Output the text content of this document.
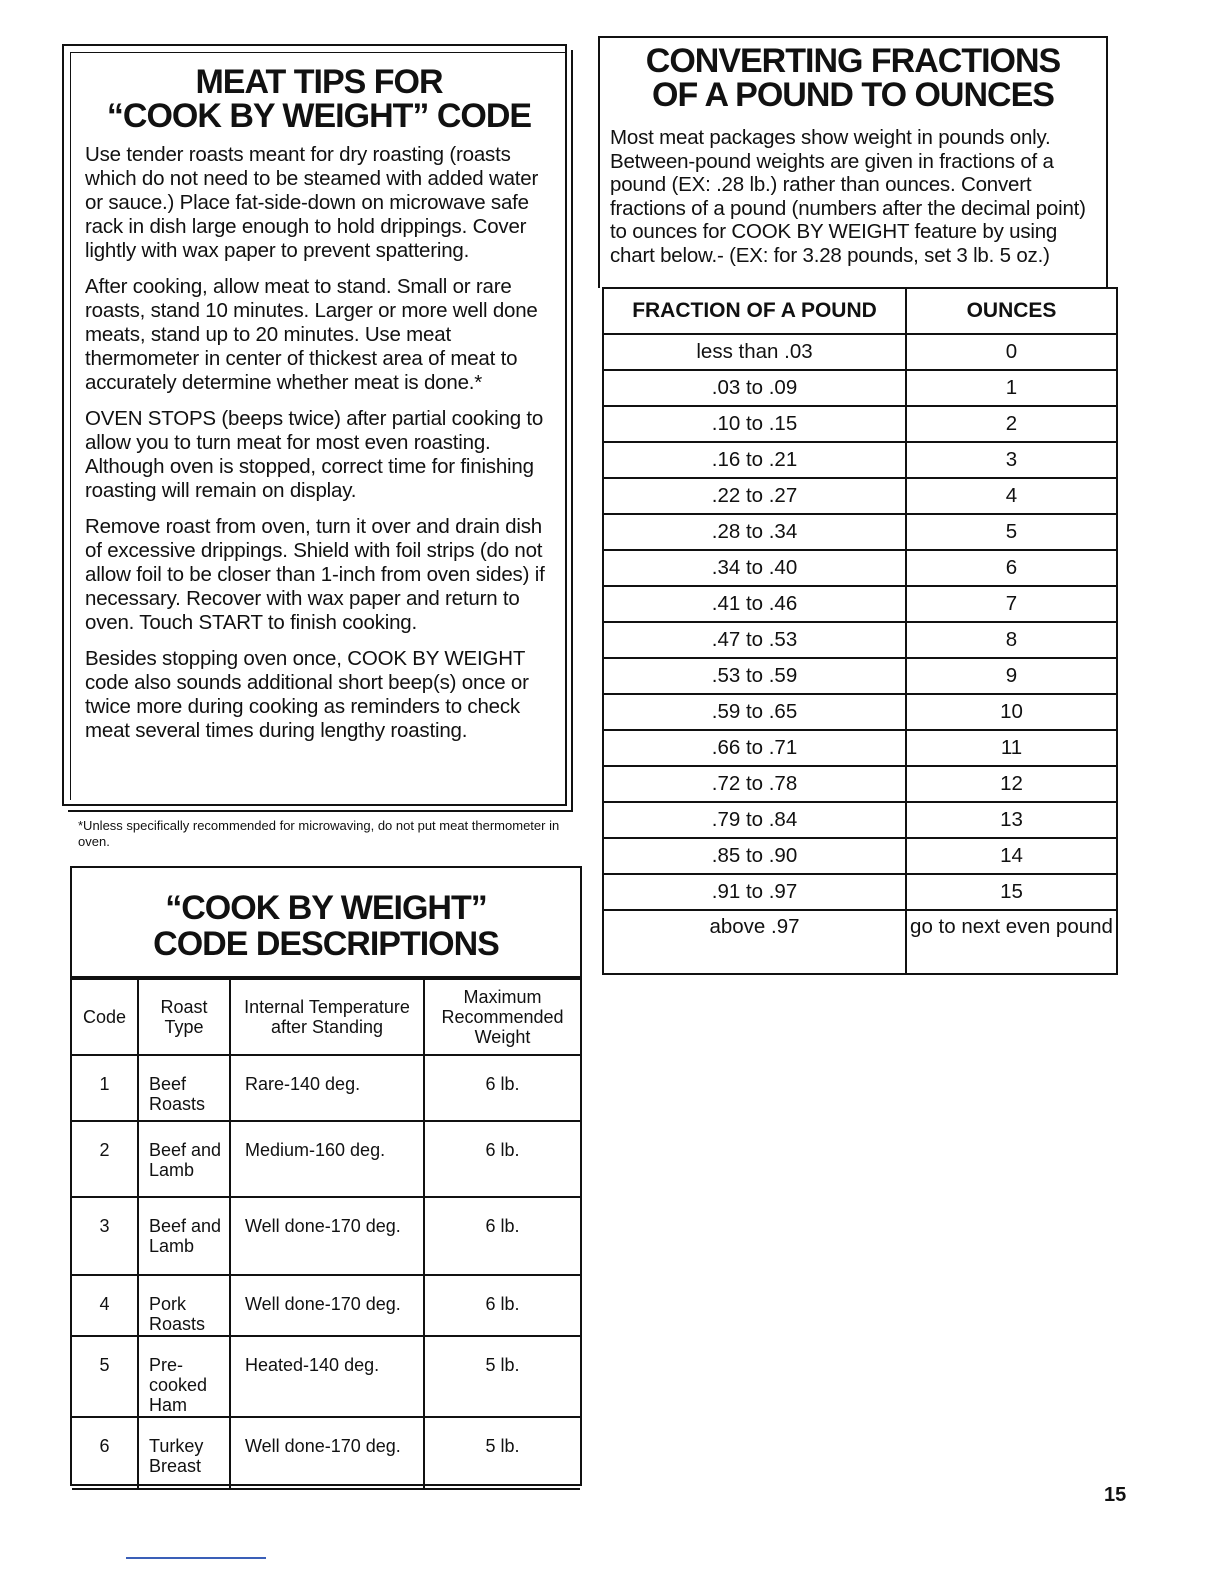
MEAT TIPS FOR
“COOK BY WEIGHT” CODE

Use tender roasts meant for dry roasting (roasts which do not need to be steamed with added water or sauce.) Place fat-side-down on microwave safe rack in dish large enough to hold drippings. Cover lightly with wax paper to prevent spattering.

After cooking, allow meat to stand. Small or rare roasts, stand 10 minutes. Larger or more well done meats, stand up to 20 minutes. Use meat thermometer in center of thickest area of meat to accurately determine whether meat is done.*

OVEN STOPS (beeps twice) after partial cooking to allow you to turn meat for most even roasting. Although oven is stopped, correct time for finishing roasting will remain on display.

Remove roast from oven, turn it over and drain dish of excessive drippings. Shield with foil strips (do not allow foil to be closer than 1-inch from oven sides) if necessary. Recover with wax paper and return to oven. Touch START to finish cooking.

Besides stopping oven once, COOK BY WEIGHT code also sounds additional short beep(s) once or twice more during cooking as reminders to check meat several times during lengthy roasting.

*Unless specifically recommended for microwaving, do not put meat thermometer in oven.
“COOK BY WEIGHT”
CODE DESCRIPTIONS
Code	Roast Type	Internal Temperature after Standing	Maximum Recommended Weight
1	Beef Roasts	Rare-140 deg.	6 lb.
2	Beef and Lamb	Medium-160 deg.	6 lb.
3	Beef and Lamb	Well done-170 deg.	6 lb.
4	Pork Roasts	Well done-170 deg.	6 lb.
5	Pre-cooked Ham	Heated-140 deg.	5 lb.
6	Turkey Breast	Well done-170 deg.	5 lb.
CONVERTING FRACTIONS
OF A POUND TO OUNCES

Most meat packages show weight in pounds only. Between-pound weights are given in fractions of a pound (EX: .28 lb.) rather than ounces. Convert fractions of a pound (numbers after the decimal point) to ounces for COOK BY WEIGHT feature by using chart below.- (EX: for 3.28 pounds, set 3 lb. 5 oz.)

FRACTION OF A POUND	OUNCES
less than .03	0
.03 to .09	1
.10 to .15	2
.16 to .21	3
.22 to .27	4
.28 to .34	5
.34 to .40	6
.41 to .46	7
.47 to .53	8
.53 to .59	9
.59 to .65	10
.66 to .71	11
.72 to .78	12
.79 to .84	13
.85 to .90	14
.91 to .97	15
above .97	go to next even pound
15
